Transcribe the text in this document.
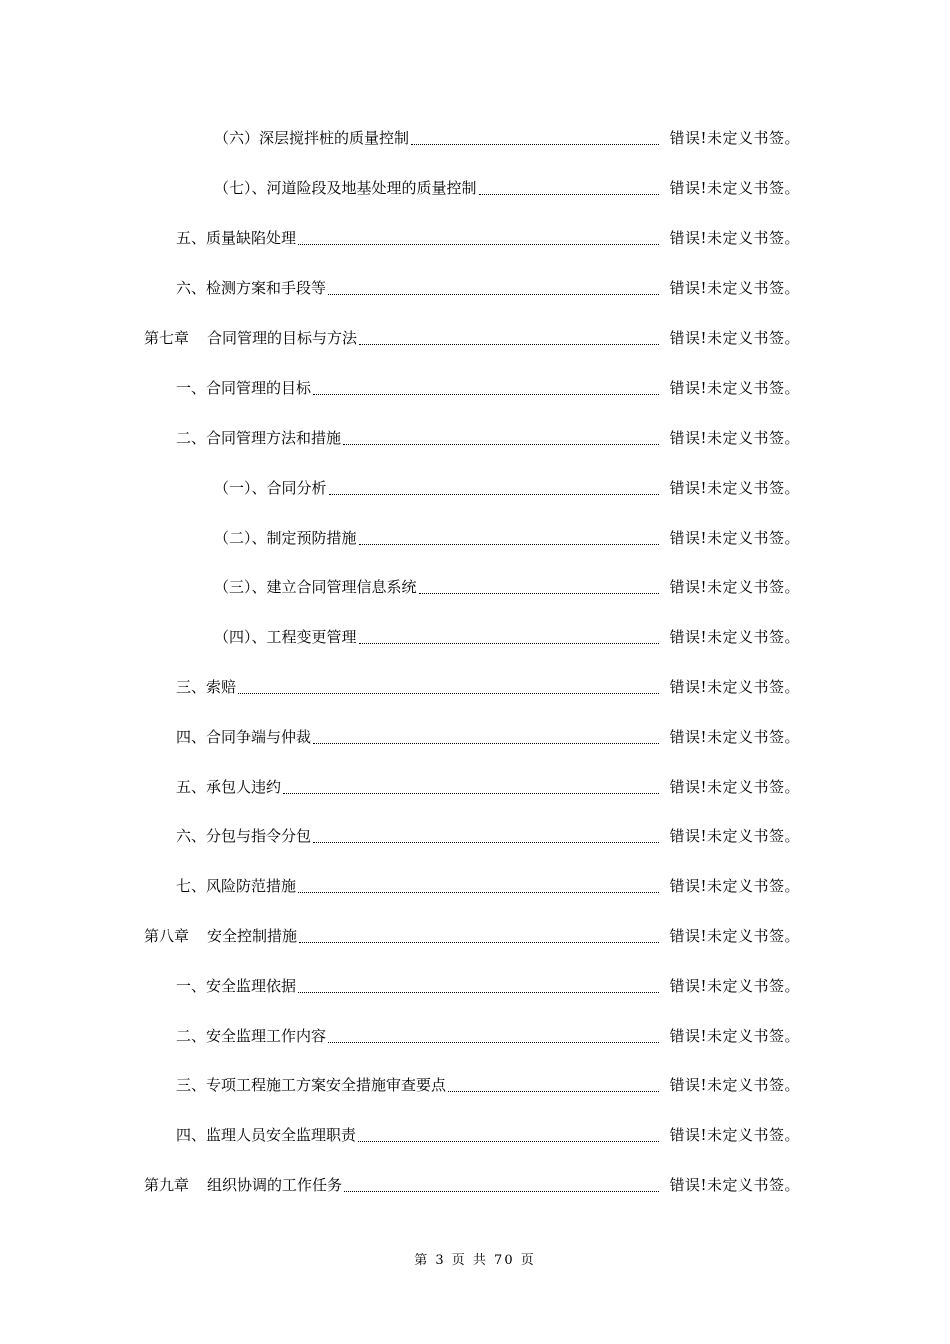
（六）深层搅拌桩的质量控制	错误!未定义书签。
（七）、河道险段及地基处理的质量控制	错误!未定义书签。
五、质量缺陷处理	错误!未定义书签。
六、检测方案和手段等	错误!未定义书签。
第七章 合同管理的目标与方法	错误!未定义书签。
一、合同管理的目标	错误!未定义书签。
二、合同管理方法和措施	错误!未定义书签。
（一）、合同分析	错误!未定义书签。
（二）、制定预防措施	错误!未定义书签。
（三）、建立合同管理信息系统	错误!未定义书签。
（四）、工程变更管理	错误!未定义书签。
三、索赔	错误!未定义书签。
四、合同争端与仲裁	错误!未定义书签。
五、承包人违约	错误!未定义书签。
六、分包与指令分包	错误!未定义书签。
七、风险防范措施	错误!未定义书签。
第八章 安全控制措施	错误!未定义书签。
一、安全监理依据	错误!未定义书签。
二、安全监理工作内容	错误!未定义书签。
三、专项工程施工方案安全措施审查要点	错误!未定义书签。
四、监理人员安全监理职责	错误!未定义书签。
第九章 组织协调的工作任务	错误!未定义书签。
第 3 页 共 70 页
